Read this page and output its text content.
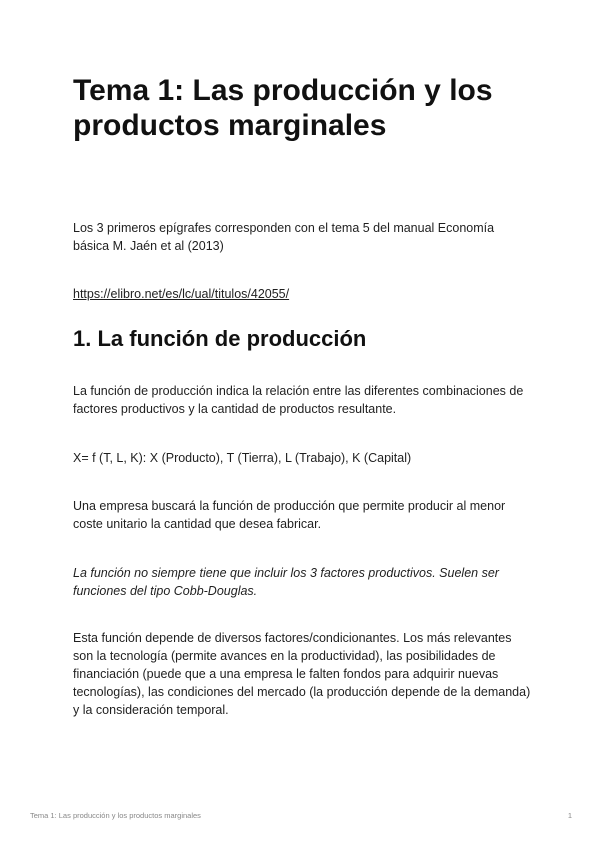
Tema 1: Las producción y los productos marginales

Los 3 primeros epígrafes corresponden con el tema 5 del manual Economía básica M. Jaén et al (2013)

https://elibro.net/es/lc/ual/titulos/42055/
1. La función de producción

La función de producción indica la relación entre las diferentes combinaciones de factores productivos y la cantidad de productos resultante.

X= f (T, L, K): X (Producto), T (Tierra), L (Trabajo), K (Capital)

Una empresa buscará la función de producción que permite producir al menor coste unitario la cantidad que desea fabricar.

La función no siempre tiene que incluir los 3 factores productivos. Suelen ser funciones del tipo Cobb-Douglas.

Esta función depende de diversos factores/condicionantes. Los más relevantes son la tecnología (permite avances en la productividad), las posibilidades de financiación (puede que a una empresa le falten fondos para adquirir nuevas tecnologías), las condiciones del mercado (la producción depende de la demanda) y la consideración temporal.

Tema 1: Las producción y los productos marginales	1
